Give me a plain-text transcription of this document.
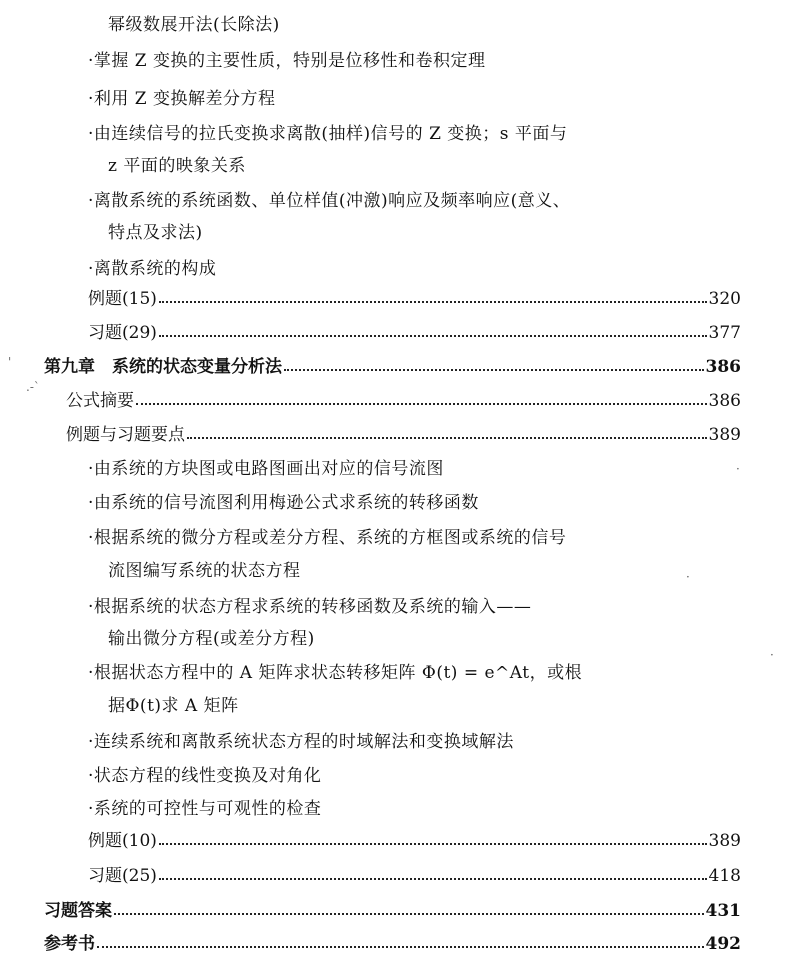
幂级数展开法(长除法)
·掌握 Z 变换的主要性质，特别是位移性和卷积定理
·利用 Z 变换解差分方程
·由连续信号的拉氏变换求离散(抽样)信号的 Z 变换；s 平面与
z 平面的映象关系
·离散系统的系统函数、单位样值(冲激)响应及频率响应(意义、
特点及求法)
·离散系统的构成
例题(15)	320
习题(29)	377
第九章　系统的状态变量分析法	386
公式摘要	386
例题与习题要点	389
·由系统的方块图或电路图画出对应的信号流图
·由系统的信号流图利用梅逊公式求系统的转移函数
·根据系统的微分方程或差分方程、系统的方框图或系统的信号
流图编写系统的状态方程
·根据系统的状态方程求系统的转移函数及系统的输入——
输出微分方程(或差分方程)
·根据状态方程中的 A 矩阵求状态转移矩阵 Φ(t) = e^At，或根
据Φ(t)求 A 矩阵
·连续系统和离散系统状态方程的时域解法和变换域解法
·状态方程的线性变换及对角化
·系统的可控性与可观性的检查
例题(10)	389
习题(25)	418
习题答案	431
参考书	492
'
.-`
·
·
·
